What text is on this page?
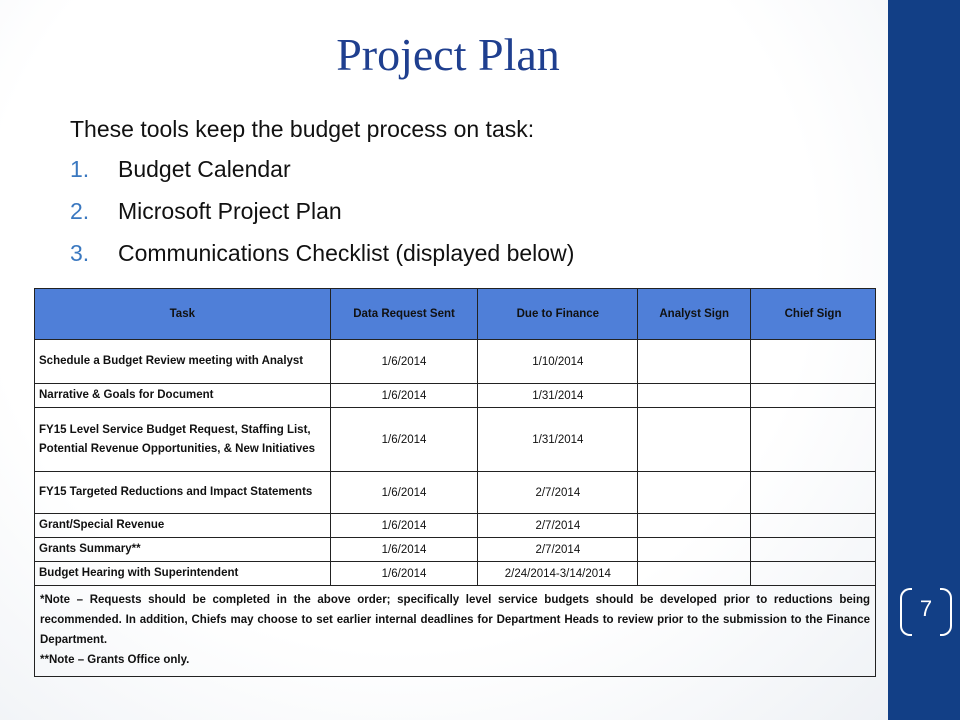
Project Plan
These tools keep the budget process on task:
1.	Budget Calendar
2.	Microsoft Project Plan
3.	Communications Checklist (displayed below)
Task	Data Request Sent	Due to Finance	Analyst Sign	Chief Sign
Schedule a Budget Review meeting with Analyst	1/6/2014	1/10/2014		
Narrative & Goals for Document	1/6/2014	1/31/2014		
FY15 Level Service Budget Request, Staffing List, Potential Revenue Opportunities, & New Initiatives	1/6/2014	1/31/2014		
FY15 Targeted Reductions and Impact Statements	1/6/2014	2/7/2014		
Grant/Special Revenue	1/6/2014	2/7/2014		
Grants Summary**	1/6/2014	2/7/2014		
Budget Hearing with Superintendent	1/6/2014	2/24/2014-3/14/2014		

*Note – Requests should be completed in the above order; specifically level service budgets should be developed prior to reductions being recommended. In addition, Chiefs may choose to set earlier internal deadlines for Department Heads to review prior to the submission to the Finance Department.
**Note – Grants Office only.				
7
